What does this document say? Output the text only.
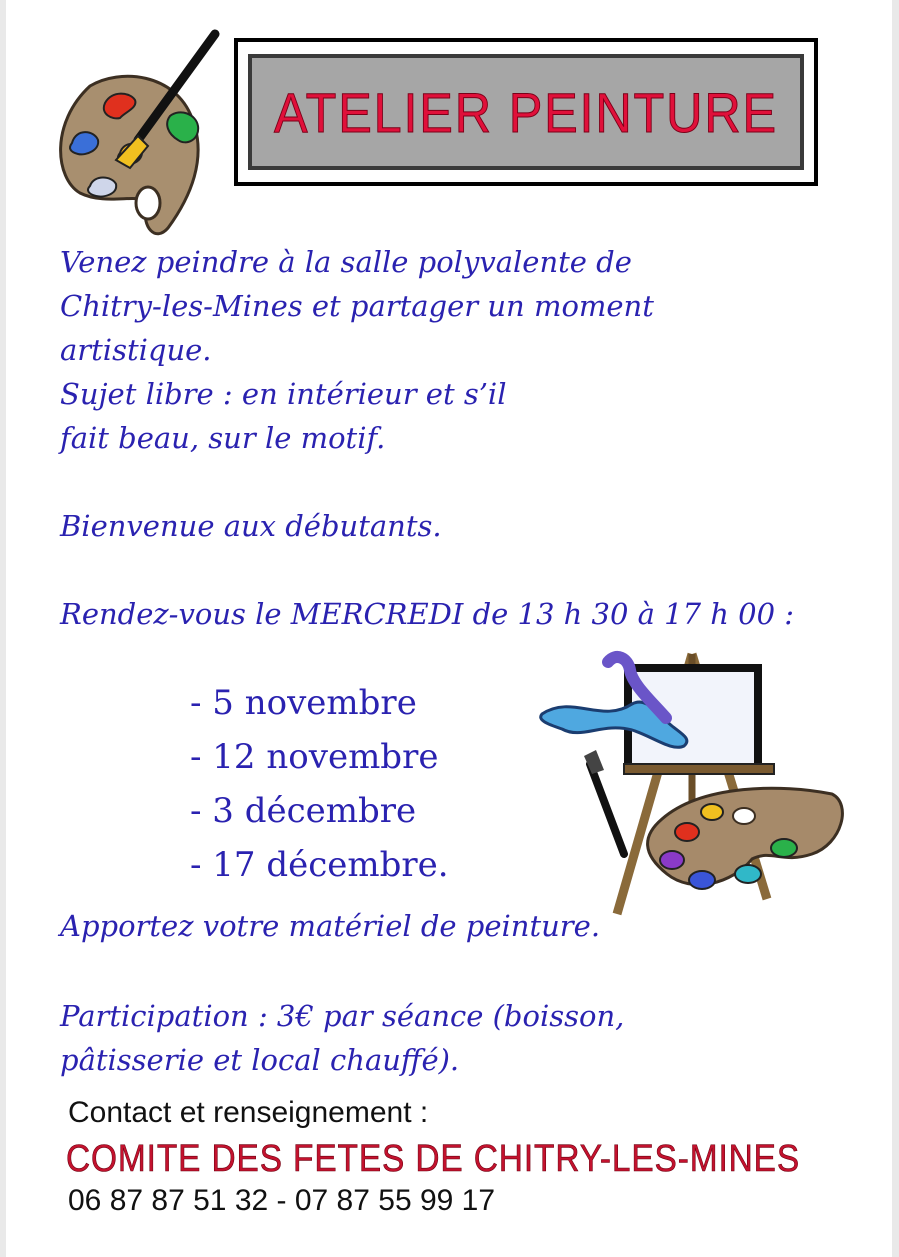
ATELIER PEINTURE
Venez peindre à la salle polyvalente de
Chitry-les-Mines et partager un moment
artistique.
Sujet libre : en intérieur et s’il
fait beau, sur le motif.
Bienvenue aux débutants.
Rendez-vous le MERCREDI de 13 h 30 à 17 h 00 :
- 5 novembre
- 12 novembre
- 3 décembre
- 17 décembre.
Apportez votre matériel de peinture.
Participation : 3€ par séance (boisson,
pâtisserie et local chauffé).
Contact et renseignement :
COMITE DES FETES DE CHITRY-LES-MINES
06 87 87 51 32 - 07 87 55 99 17
